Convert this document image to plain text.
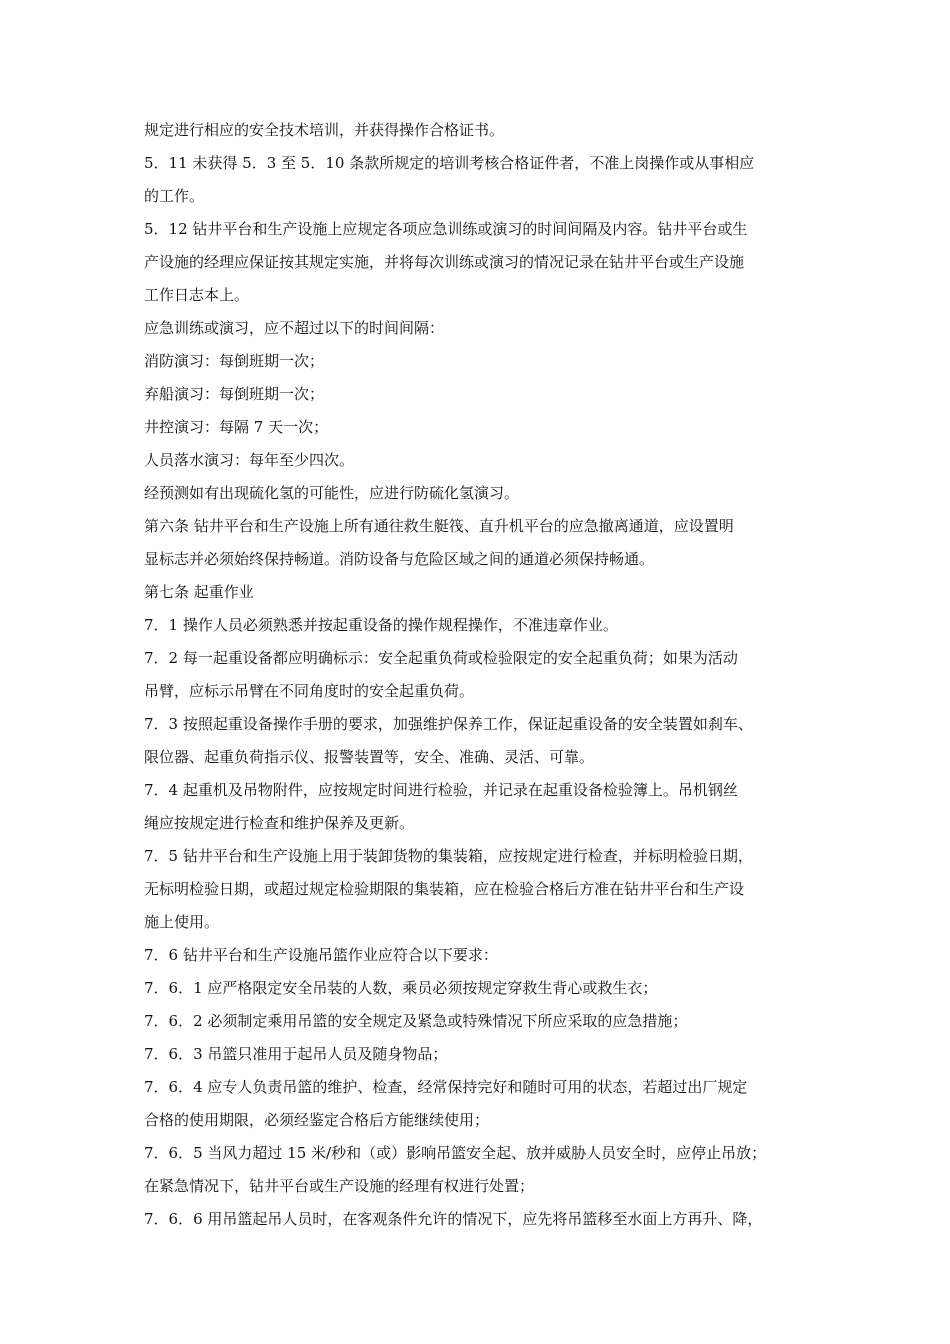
规定进行相应的安全技术培训，并获得操作合格证书。
5．11 未获得 5．3 至 5．10 条款所规定的培训考核合格证件者，不准上岗操作或从事相应
的工作。
5．12 钻井平台和生产设施上应规定各项应急训练或演习的时间间隔及内容。钻井平台或生
产设施的经理应保证按其规定实施，并将每次训练或演习的情况记录在钻井平台或生产设施
工作日志本上。
应急训练或演习，应不超过以下的时间间隔：
消防演习：每倒班期一次；
弃船演习：每倒班期一次；
井控演习：每隔 7 天一次；
人员落水演习：每年至少四次。
经预测如有出现硫化氢的可能性，应进行防硫化氢演习。
第六条 钻井平台和生产设施上所有通往救生艇筏、直升机平台的应急撤离通道，应设置明
显标志并必须始终保持畅道。消防设备与危险区域之间的通道必须保持畅通。
第七条 起重作业
7．1 操作人员必须熟悉并按起重设备的操作规程操作，不准违章作业。
7．2 每一起重设备都应明确标示：安全起重负荷或检验限定的安全起重负荷；如果为活动
吊臂，应标示吊臂在不同角度时的安全起重负荷。
7．3 按照起重设备操作手册的要求，加强维护保养工作，保证起重设备的安全装置如刹车、
限位器、起重负荷指示仪、报警装置等，安全、准确、灵活、可靠。
7．4 起重机及吊物附件，应按规定时间进行检验，并记录在起重设备检验簿上。吊机钢丝
绳应按规定进行检查和维护保养及更新。
7．5 钻井平台和生产设施上用于装卸货物的集装箱，应按规定进行检查，并标明检验日期，
无标明检验日期，或超过规定检验期限的集装箱，应在检验合格后方准在钻井平台和生产设
施上使用。
7．6 钻井平台和生产设施吊篮作业应符合以下要求：
7．6．1 应严格限定安全吊装的人数，乘员必须按规定穿救生背心或救生衣；
7．6．2 必须制定乘用吊篮的安全规定及紧急或特殊情况下所应采取的应急措施；
7．6．3 吊篮只准用于起吊人员及随身物品；
7．6．4 应专人负责吊篮的维护、检查，经常保持完好和随时可用的状态，若超过出厂规定
合格的使用期限，必须经鉴定合格后方能继续使用；
7．6．5 当风力超过 15 米/秒和（或）影响吊篮安全起、放并威胁人员安全时，应停止吊放；
在紧急情况下，钻井平台或生产设施的经理有权进行处置；
7．6．6 用吊篮起吊人员时，在客观条件允许的情况下，应先将吊篮移至水面上方再升、降，
